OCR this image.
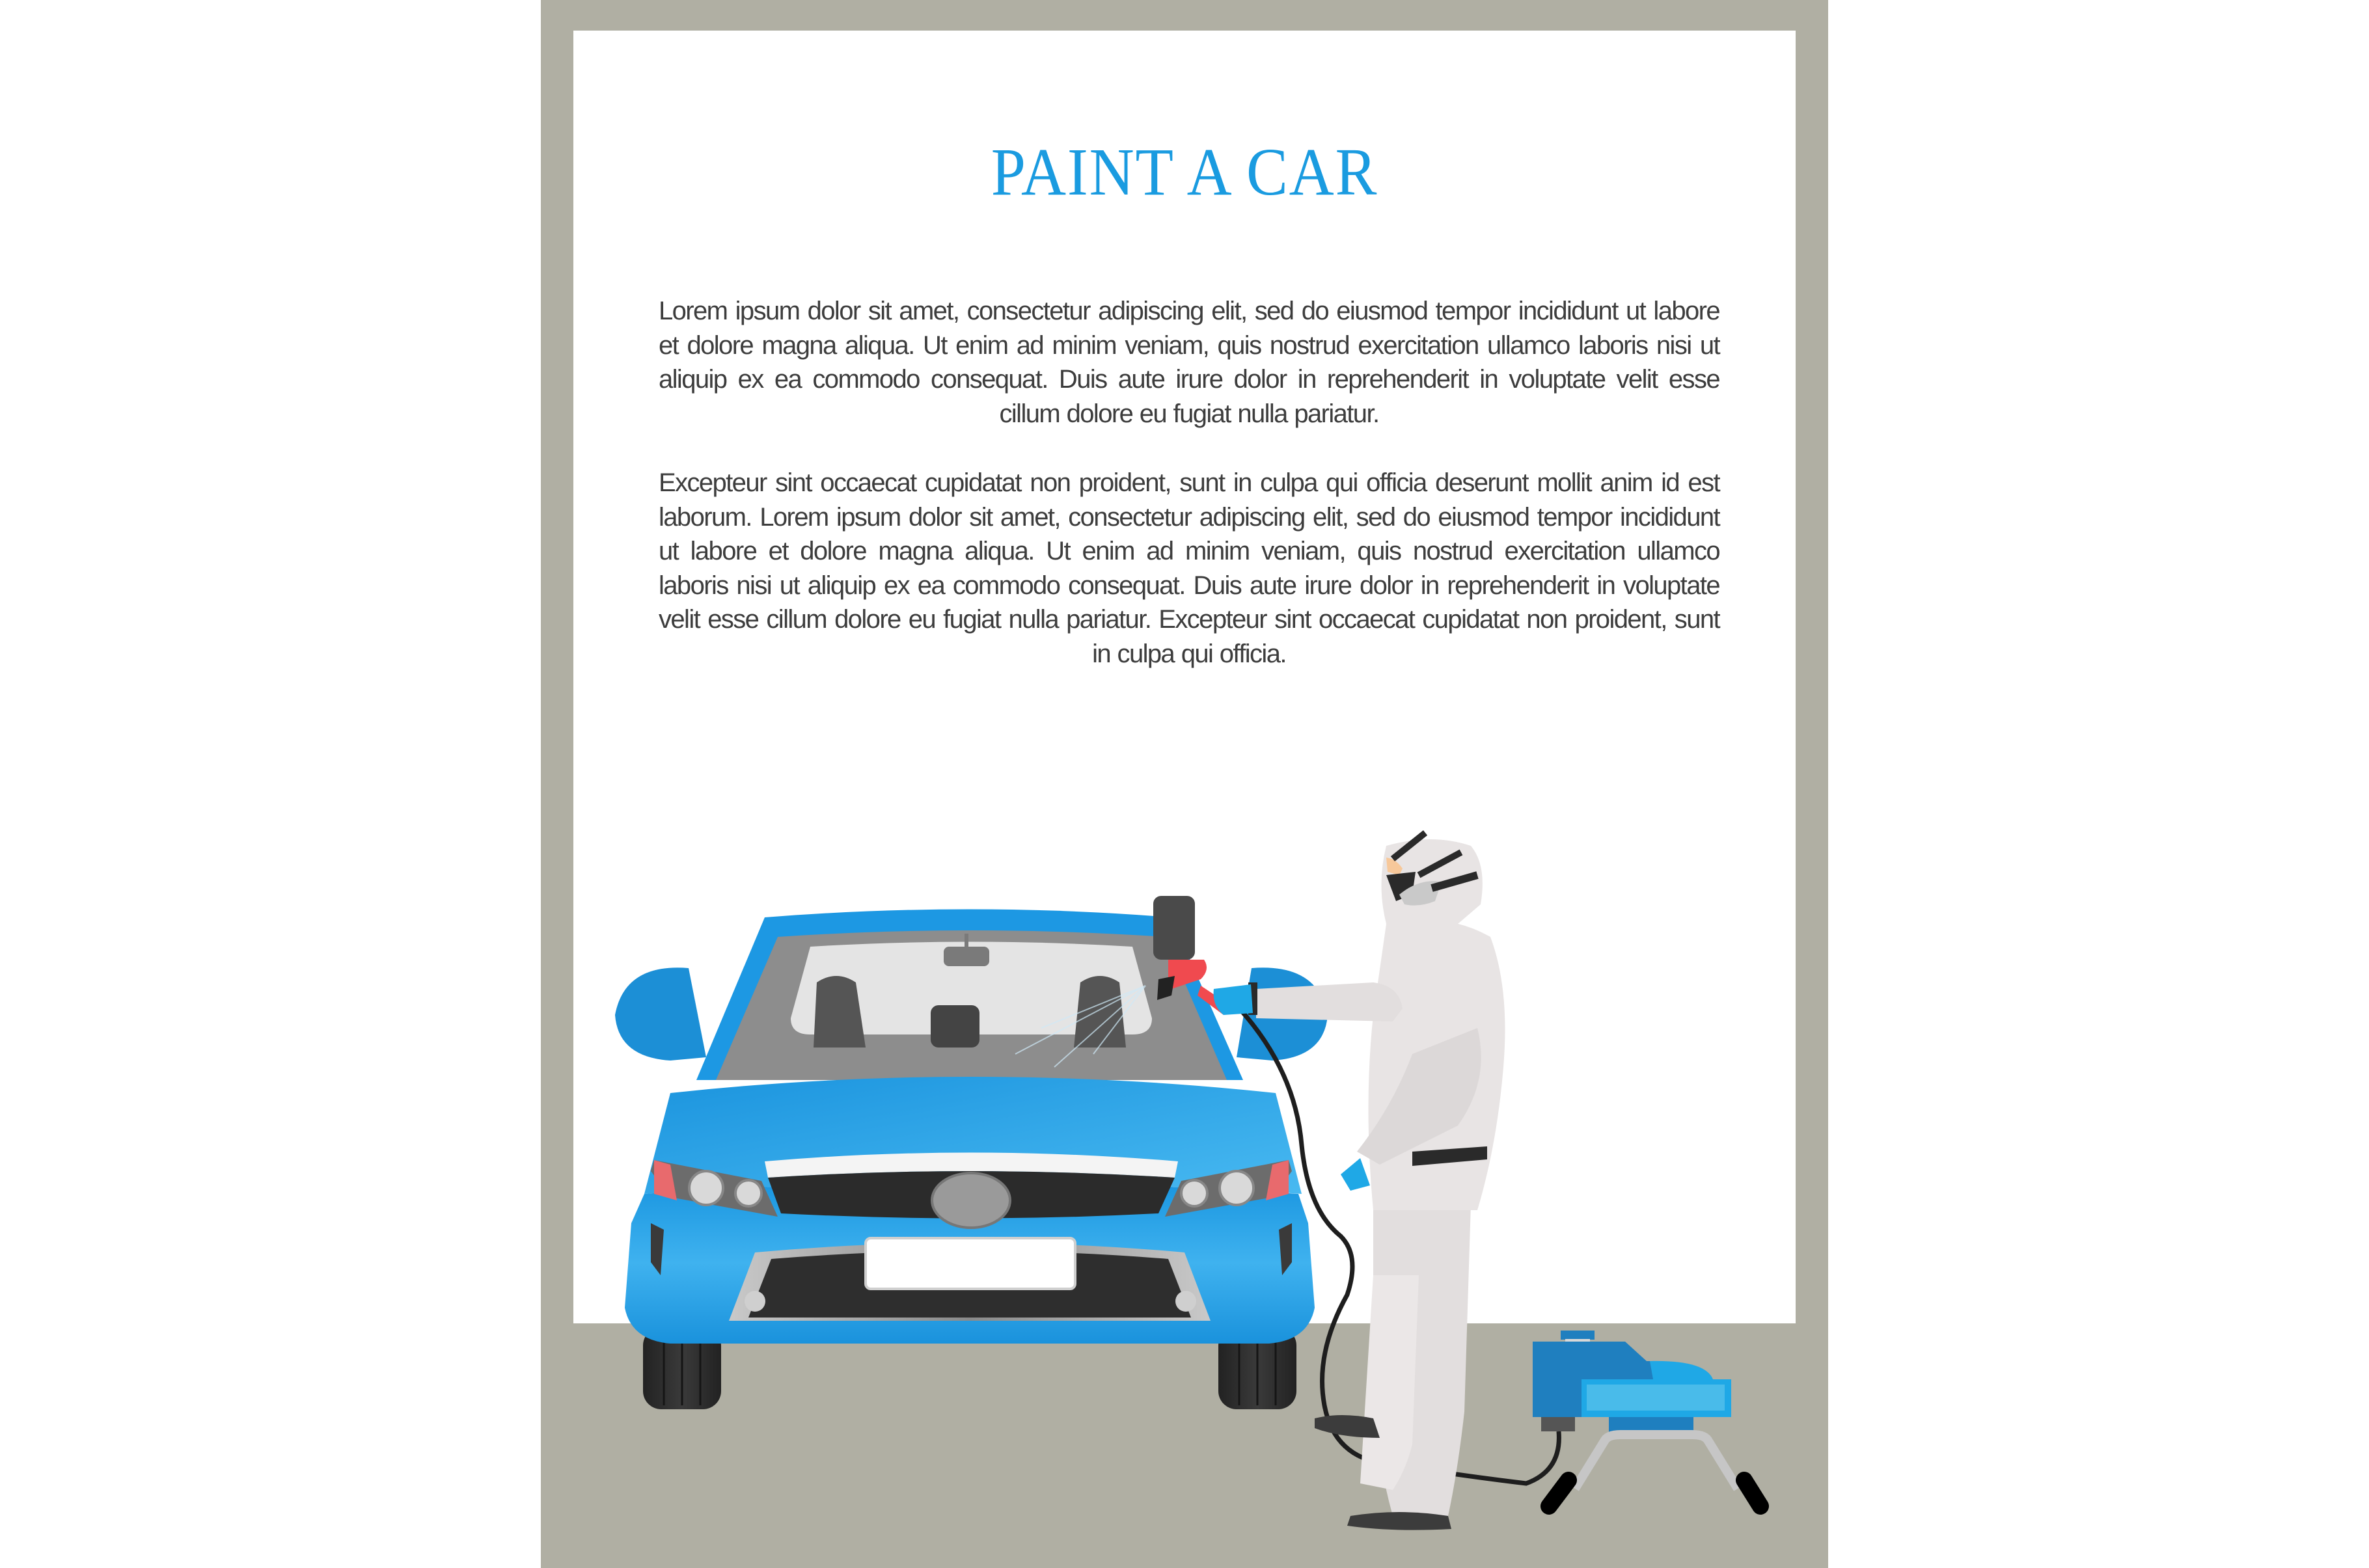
PAINT A CAR
Lorem ipsum dolor sit amet, consectetur adipiscing elit, sed do eiusmod tempor incididunt ut labore et dolore magna aliqua. Ut enim ad minim veniam, quis nostrud exercitation ullamco laboris nisi ut aliquip ex ea commodo consequat. Duis aute irure dolor in reprehenderit in voluptate velit esse cillum dolore eu fugiat nulla pariatur.
Excepteur sint occaecat cupidatat non proident, sunt in culpa qui officia deserunt mollit anim id est laborum. Lorem ipsum dolor sit amet, consectetur adipiscing elit, sed do eiusmod tempor incididunt ut labore et dolore magna aliqua. Ut enim ad minim veniam, quis nostrud exercitation ullamco laboris nisi ut aliquip ex ea commodo consequat. Duis aute irure dolor in reprehenderit in voluptate velit esse cillum dolore eu fugiat nulla pariatur. Excepteur sint occaecat cupidatat non proident, sunt in culpa qui officia.
